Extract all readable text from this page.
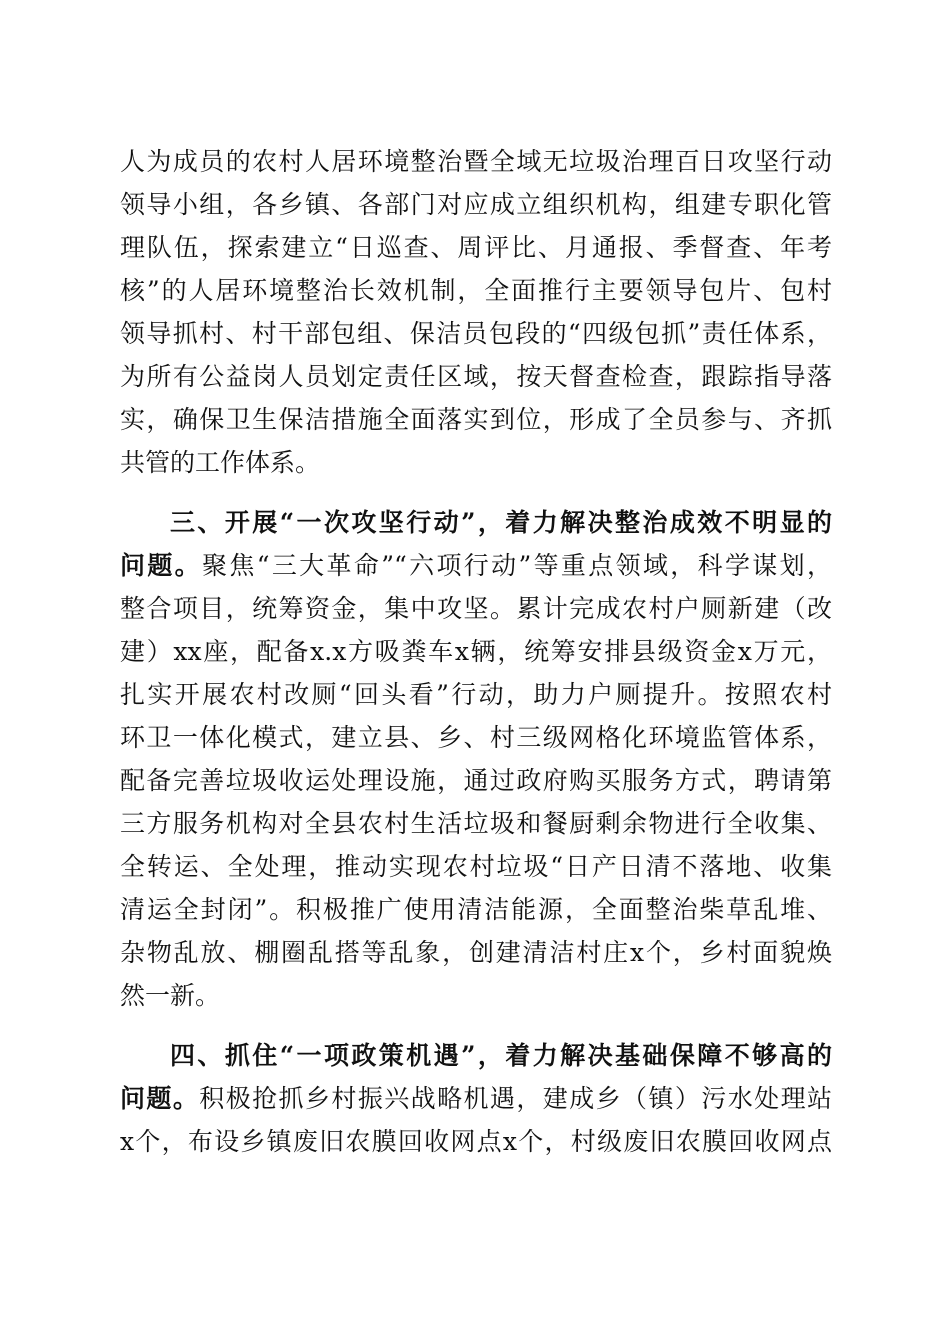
人为成员的农村人居环境整治暨全域无垃圾治理百日攻坚行动
领导小组，各乡镇、各部门对应成立组织机构，组建专职化管
理队伍，探索建立“日巡查、周评比、月通报、季督查、年考
核”的人居环境整治长效机制，全面推行主要领导包片、包村
领导抓村、村干部包组、保洁员包段的“四级包抓”责任体系，
为所有公益岗人员划定责任区域，按天督查检查，跟踪指导落
实，确保卫生保洁措施全面落实到位，形成了全员参与、齐抓
共管的工作体系。
三、开展“一次攻坚行动”，着力解决整治成效不明显的
问题。聚焦“三大革命”“六项行动”等重点领域，科学谋划，
整合项目，统筹资金，集中攻坚。累计完成农村户厕新建（改
建）xx座，配备x.x方吸粪车x辆，统筹安排县级资金x万元，
扎实开展农村改厕“回头看”行动，助力户厕提升。按照农村
环卫一体化模式，建立县、乡、村三级网格化环境监管体系，
配备完善垃圾收运处理设施，通过政府购买服务方式，聘请第
三方服务机构对全县农村生活垃圾和餐厨剩余物进行全收集、
全转运、全处理，推动实现农村垃圾“日产日清不落地、收集
清运全封闭”。积极推广使用清洁能源，全面整治柴草乱堆、
杂物乱放、棚圈乱搭等乱象，创建清洁村庄x个，乡村面貌焕
然一新。
四、抓住“一项政策机遇”，着力解决基础保障不够高的
问题。积极抢抓乡村振兴战略机遇，建成乡（镇）污水处理站
x个，布设乡镇废旧农膜回收网点x个，村级废旧农膜回收网点
